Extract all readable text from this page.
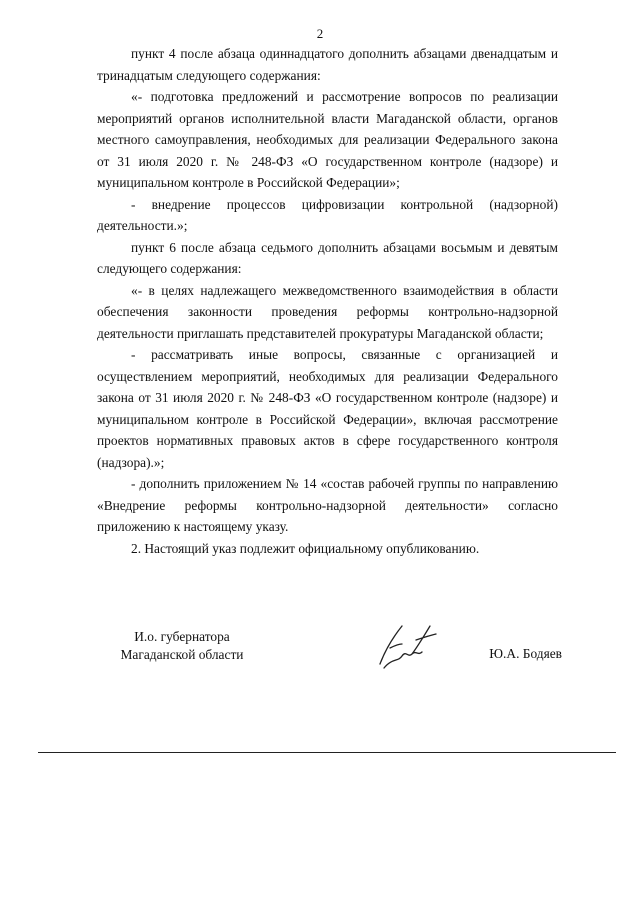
2

пункт 4 после абзаца одиннадцатого дополнить абзацами двенадцатым и тринадцатым следующего содержания:

«- подготовка предложений и рассмотрение вопросов по реализации мероприятий органов исполнительной власти Магаданской области, органов местного самоуправления, необходимых для реализации Федерального закона от 31 июля 2020 г. № 248-ФЗ «О государственном контроле (надзоре) и муниципальном контроле в Российской Федерации»;

- внедрение процессов цифровизации контрольной (надзорной) деятельности.»;

пункт 6 после абзаца седьмого дополнить абзацами восьмым и девятым следующего содержания:

«- в целях надлежащего межведомственного взаимодействия в области обеспечения законности проведения реформы контрольно-надзорной деятельности приглашать представителей прокуратуры Магаданской области;

- рассматривать иные вопросы, связанные с организацией и осуществлением мероприятий, необходимых для реализации Федерального закона от 31 июля 2020 г. № 248-ФЗ «О государственном контроле (надзоре) и муниципальном контроле в Российской Федерации», включая рассмотрение проектов нормативных правовых актов в сфере государственного контроля (надзора).»;

- дополнить приложением № 14 «состав рабочей группы по направлению «Внедрение реформы контрольно-надзорной деятельности» согласно приложению к настоящему указу.

2. Настоящий указ подлежит официальному опубликованию.

И.о. губернатора
Магаданской области	Ю.А. Бодяев
